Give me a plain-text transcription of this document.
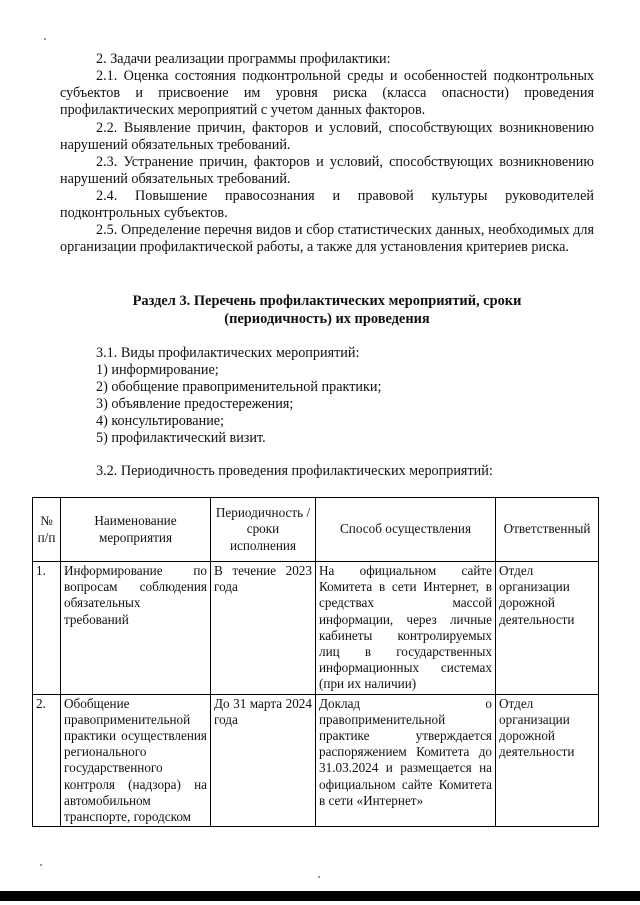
2. Задачи реализации программы профилактики:
2.1. Оценка состояния подконтрольной среды и особенностей подконтрольных субъектов и присвоение им уровня риска (класса опасности) проведения профилактических мероприятий с учетом данных факторов.
2.2. Выявление причин, факторов и условий, способствующих возникновению нарушений обязательных требований.
2.3. Устранение причин, факторов и условий, способствующих возникновению нарушений обязательных требований.
2.4. Повышение правосознания и правовой культуры руководителей подконтрольных субъектов.
2.5. Определение перечня видов и сбор статистических данных, необходимых для организации профилактической работы, а также для установления критериев риска.
Раздел 3. Перечень профилактических мероприятий, сроки
(периодичность) их проведения
3.1. Виды профилактических мероприятий:
1) информирование;
2) обобщение правоприменительной практики;
3) объявление предостережения;
4) консультирование;
5) профилактический визит.
3.2. Периодичность проведения профилактических мероприятий:
№ п/п	Наименование мероприятия	Периодичность / сроки исполнения	Способ осуществления	Ответственный
1.	Информирование по вопросам соблюдения обязательных требований	В течение 2023 года	На официальном сайте Комитета в сети Интернет, в средствах массой информации, через личные кабинеты контролируемых лиц в государственных информационных системах (при их наличии)	Отдел организации дорожной деятельности
2.	Обобщение правоприменительной практики осуществления регионального государственного контроля (надзора) на автомобильном транспорте, городском	До 31 марта 2024 года	Доклад о правоприменительной практике утверждается распоряжением Комитета до 31.03.2024 и размещается на официальном сайте Комитета в сети «Интернет»	Отдел организации дорожной деятельности
